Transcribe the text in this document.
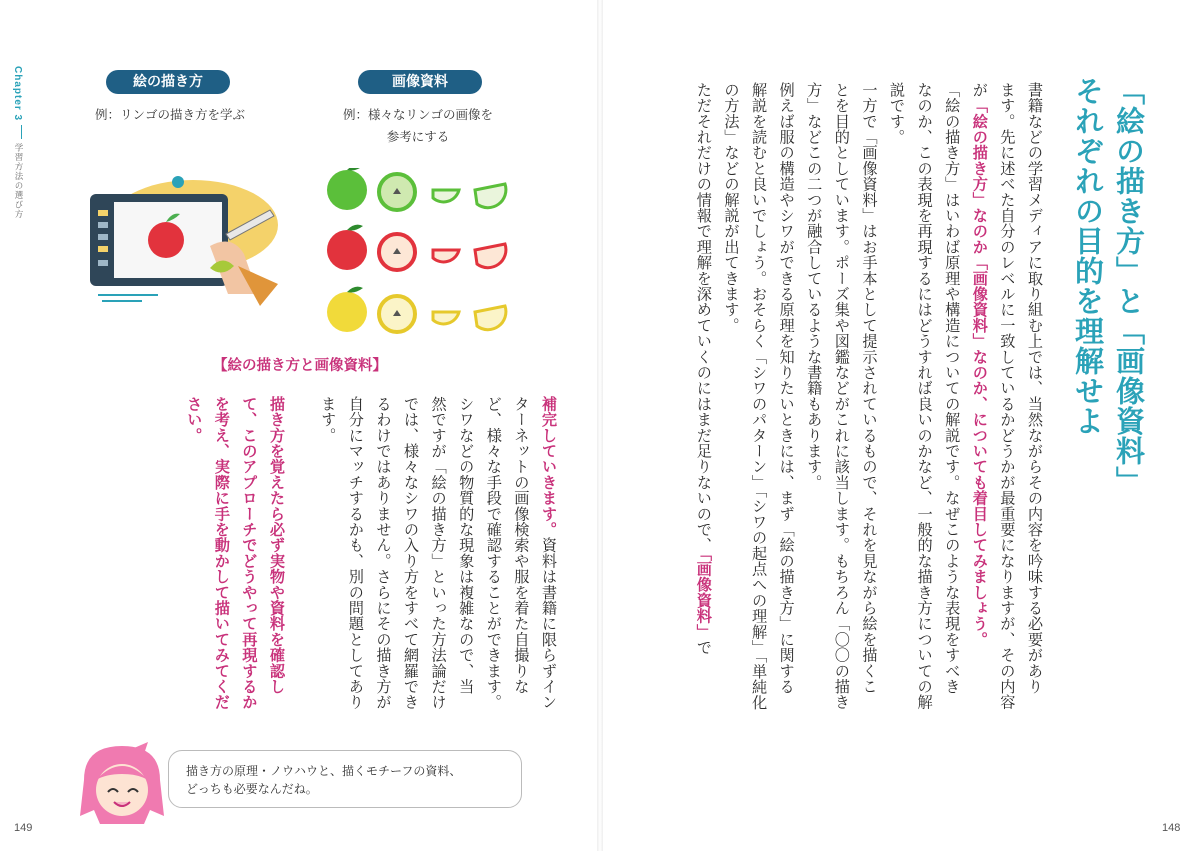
Chapter 3
学習方法の選び方
絵の描き方
例：リンゴの描き方を学ぶ
画像資料
例：様々なリンゴの画像を
参考にする
【絵の描き方と画像資料】
補完していきます。資料は書籍に限らずイン
ターネットの画像検索や服を着た自撮りな
ど、様々な手段で確認することができます。
シワなどの物質的な現象は複雑なので、当
然ですが「絵の描き方」といった方法論だけ
では、様々なシワの入り方をすべて網羅でき
るわけではありません。さらにその描き方が
自分にマッチするかも、別の問題としてあり
ます。
描き方を覚えたら必ず実物や資料を確認し
て、このアプローチでどうやって再現するか
を考え、実際に手を動かして描いてみてくだ
さい。
描き方の原理・ノウハウと、描くモチーフの資料、
どっちも必要なんだね。
149
「絵の描き方」と「画像資料」
それぞれの目的を理解せよ
書籍などの学習メディアに取り組む上では、当然ながらその内容を吟味する必要があり
ます。先に述べた自分のレベルに一致しているかどうかが最重要になりますが、その内容
が「絵の描き方」なのか「画像資料」なのか、についても着目してみましょう。
「絵の描き方」はいわば原理や構造についての解説です。なぜこのような表現をすべき
なのか、この表現を再現するにはどうすれば良いのかなど、一般的な描き方についての解
説です。
一方で「画像資料」はお手本として提示されているもので、それを見ながら絵を描くこ
とを目的としています。ポーズ集や図鑑などがこれに該当します。もちろん「〇〇の描き
方」などこの二つが融合しているような書籍もあります。
例えば服の構造やシワができる原理を知りたいときには、まず「絵の描き方」に関する
解説を読むと良いでしょう。おそらく「シワのパターン」「シワの起点への理解」「単純化
の方法」などの解説が出てきます。
ただそれだけの情報で理解を深めていくのにはまだ足りないので、「画像資料」で
148
